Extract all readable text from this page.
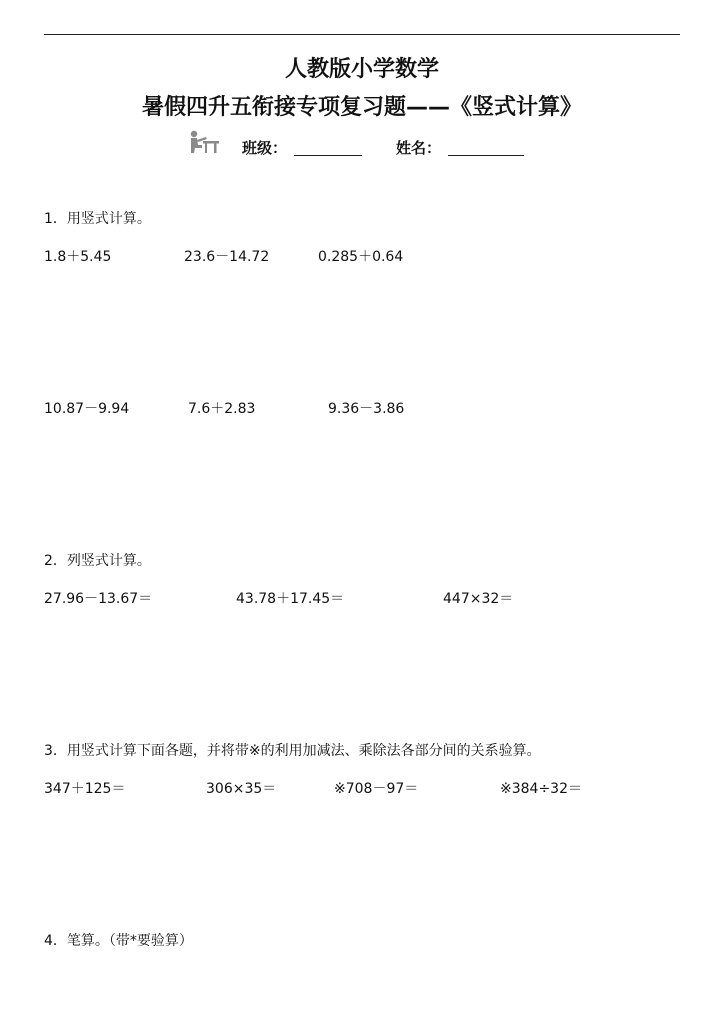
人教版小学数学
暑假四升五衔接专项复习题——《竖式计算》
班级：	姓名：
1．用竖式计算。
1.8＋5.45	23.6－14.72	0.285＋0.64
10.87－9.94	7.6＋2.83	9.36－3.86
2．列竖式计算。
27.96－13.67＝	43.78＋17.45＝	447×32＝
3．用竖式计算下面各题，并将带※的利用加减法、乘除法各部分间的关系验算。
347＋125＝	306×35＝	※708－97＝	※384÷32＝
4．笔算。（带*要验算）
